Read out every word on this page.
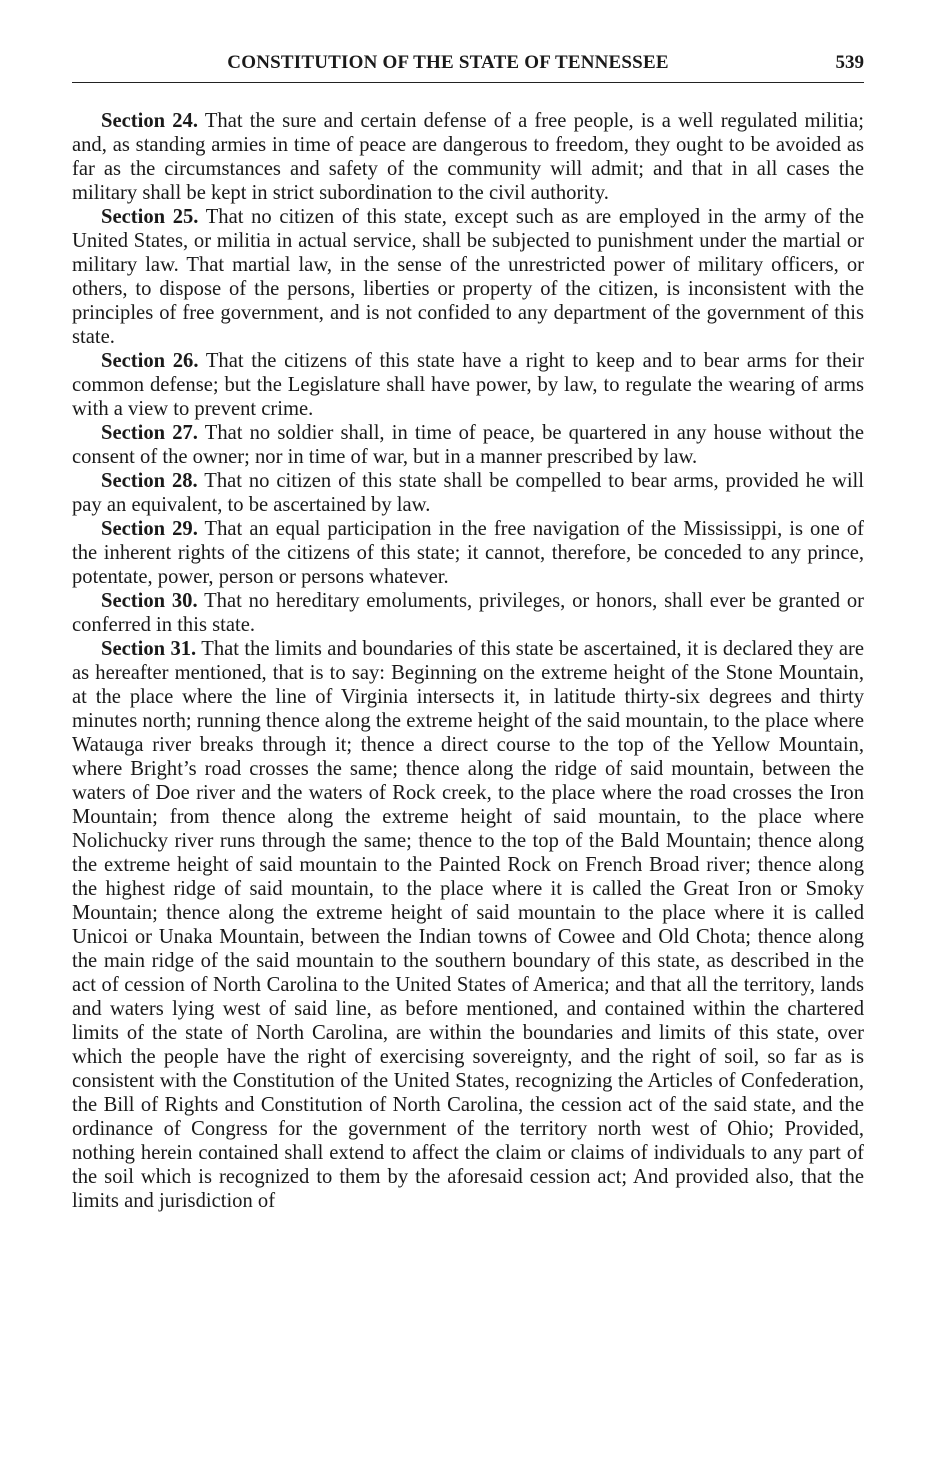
CONSTITUTION OF THE STATE OF TENNESSEE	539

Section 24. That the sure and certain defense of a free people, is a well regulated militia; and, as standing armies in time of peace are dangerous to freedom, they ought to be avoided as far as the circumstances and safety of the community will admit; and that in all cases the military shall be kept in strict subordination to the civil authority.

Section 25. That no citizen of this state, except such as are employed in the army of the United States, or militia in actual service, shall be subjected to punishment under the martial or military law. That martial law, in the sense of the unrestricted power of military officers, or others, to dispose of the persons, liberties or property of the citizen, is inconsistent with the principles of free government, and is not confided to any department of the government of this state.

Section 26. That the citizens of this state have a right to keep and to bear arms for their common defense; but the Legislature shall have power, by law, to regulate the wearing of arms with a view to prevent crime.

Section 27. That no soldier shall, in time of peace, be quartered in any house without the consent of the owner; nor in time of war, but in a manner prescribed by law.

Section 28. That no citizen of this state shall be compelled to bear arms, provided he will pay an equivalent, to be ascertained by law.

Section 29. That an equal participation in the free navigation of the Mississippi, is one of the inherent rights of the citizens of this state; it cannot, therefore, be conceded to any prince, potentate, power, person or persons whatever.

Section 30. That no hereditary emoluments, privileges, or honors, shall ever be granted or conferred in this state.

Section 31. That the limits and boundaries of this state be ascertained, it is declared they are as hereafter mentioned, that is to say: Beginning on the extreme height of the Stone Mountain, at the place where the line of Virginia intersects it, in latitude thirty-six degrees and thirty minutes north; running thence along the extreme height of the said mountain, to the place where Watauga river breaks through it; thence a direct course to the top of the Yellow Mountain, where Bright’s road crosses the same; thence along the ridge of said mountain, between the waters of Doe river and the waters of Rock creek, to the place where the road crosses the Iron Mountain; from thence along the extreme height of said mountain, to the place where Nolichucky river runs through the same; thence to the top of the Bald Mountain; thence along the extreme height of said mountain to the Painted Rock on French Broad river; thence along the highest ridge of said mountain, to the place where it is called the Great Iron or Smoky Mountain; thence along the extreme height of said mountain to the place where it is called Unicoi or Unaka Mountain, between the Indian towns of Cowee and Old Chota; thence along the main ridge of the said mountain to the southern boundary of this state, as described in the act of cession of North Carolina to the United States of America; and that all the territory, lands and waters lying west of said line, as before mentioned, and contained within the chartered limits of the state of North Carolina, are within the boundaries and limits of this state, over which the people have the right of exercising sovereignty, and the right of soil, so far as is consistent with the Constitution of the United States, recognizing the Articles of Confederation, the Bill of Rights and Constitution of North Carolina, the cession act of the said state, and the ordinance of Congress for the government of the territory north west of Ohio; Provided, nothing herein contained shall extend to affect the claim or claims of individuals to any part of the soil which is recognized to them by the aforesaid cession act; And provided also, that the limits and jurisdiction of
